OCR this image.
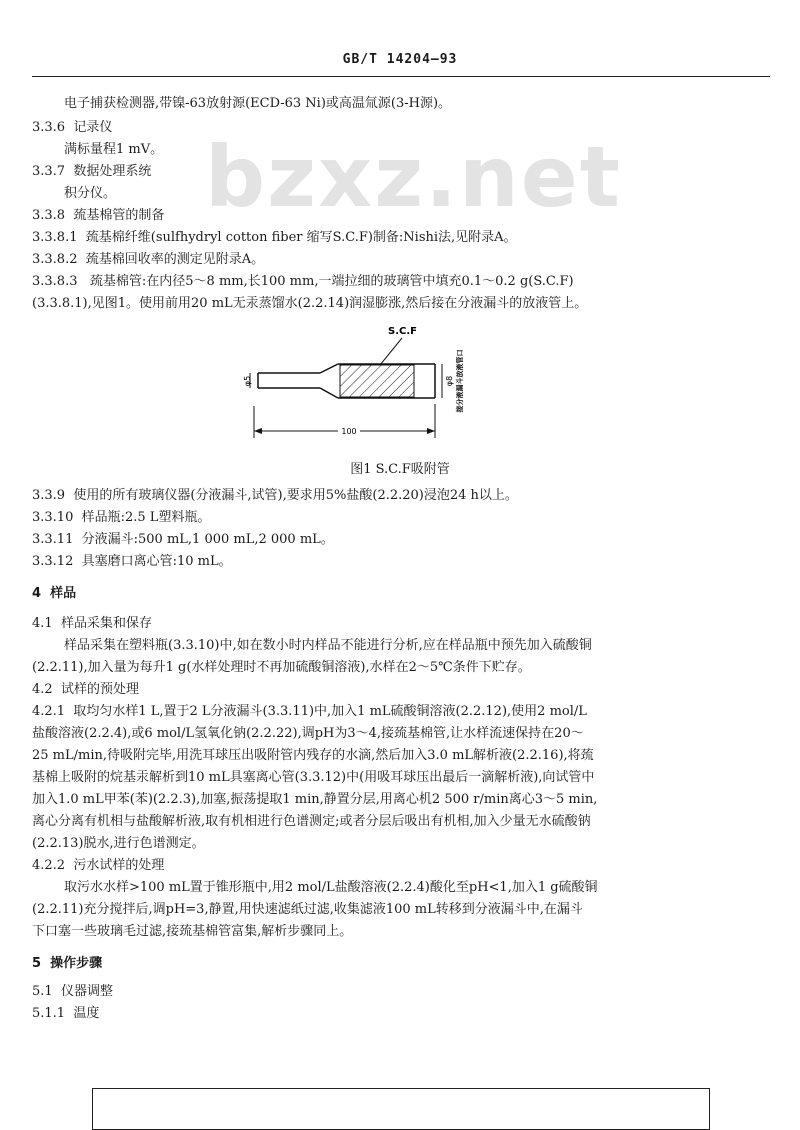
GB/T 14204—93
bzxz.net
电子捕获检测器,带镍-63放射源(ECD-63 Ni)或高温氚源(3-H源)。
3.3.6 记录仪
满标量程1 mV。
3.3.7 数据处理系统
积分仪。
3.3.8 巯基棉管的制备
3.3.8.1 巯基棉纤维(sulfhydryl cotton fiber 缩写S.C.F)制备:Nishi法,见附录A。
3.3.8.2 巯基棉回收率的测定见附录A。
3.3.8.3 巯基棉管:在内径5～8 mm,长100 mm,一端拉细的玻璃管中填充0.1～0.2 g(S.C.F)
(3.3.8.1),见图1。使用前用20 mL无汞蒸馏水(2.2.14)润湿膨涨,然后接在分液漏斗的放液管上。
S.C.F
φ5	φ8 接分液漏斗放液管口
100
图1 S.C.F吸附管
3.3.9 使用的所有玻璃仪器(分液漏斗,试管),要求用5%盐酸(2.2.20)浸泡24 h以上。
3.3.10 样品瓶:2.5 L塑料瓶。
3.3.11 分液漏斗:500 mL,1 000 mL,2 000 mL。
3.3.12 具塞磨口离心管:10 mL。
4 样品
4.1 样品采集和保存
样品采集在塑料瓶(3.3.10)中,如在数小时内样品不能进行分析,应在样品瓶中预先加入硫酸铜
(2.2.11),加入量为每升1 g(水样处理时不再加硫酸铜溶液),水样在2～5℃条件下贮存。
4.2 试样的预处理
4.2.1 取均匀水样1 L,置于2 L分液漏斗(3.3.11)中,加入1 mL硫酸铜溶液(2.2.12),使用2 mol/L
盐酸溶液(2.2.4),或6 mol/L氢氧化钠(2.2.22),调pH为3～4,接巯基棉管,让水样流速保持在20～
25 mL/min,待吸附完毕,用洗耳球压出吸附管内残存的水滴,然后加入3.0 mL解析液(2.2.16),将巯
基棉上吸附的烷基汞解析到10 mL具塞离心管(3.3.12)中(用吸耳球压出最后一滴解析液),向试管中
加入1.0 mL甲苯(苯)(2.2.3),加塞,振荡提取1 min,静置分层,用离心机2 500 r/min离心3～5 min,
离心分离有机相与盐酸解析液,取有机相进行色谱测定;或者分层后吸出有机相,加入少量无水硫酸钠
(2.2.13)脱水,进行色谱测定。
4.2.2 污水试样的处理
取污水水样>100 mL置于锥形瓶中,用2 mol/L盐酸溶液(2.2.4)酸化至pH<1,加入1 g硫酸铜
(2.2.11)充分搅拌后,调pH=3,静置,用快速滤纸过滤,收集滤液100 mL转移到分液漏斗中,在漏斗
下口塞一些玻璃毛过滤,接巯基棉管富集,解析步骤同上。
5 操作步骤
5.1 仪器调整
5.1.1 温度
